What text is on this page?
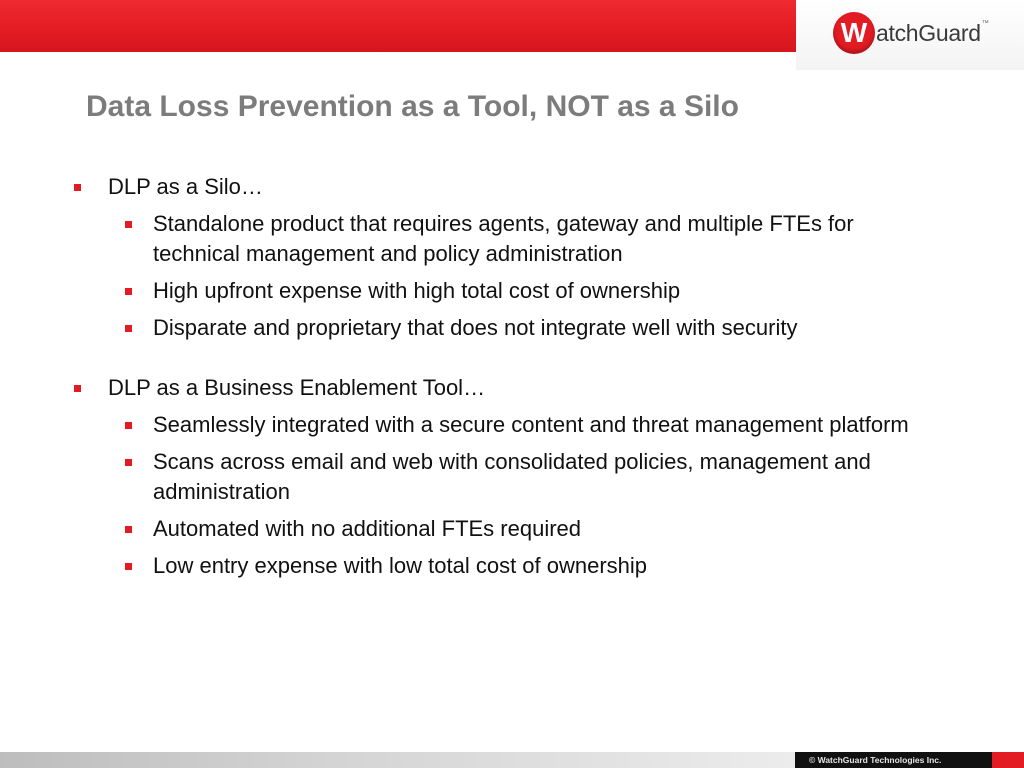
W atchGuard ™
Data Loss Prevention as a Tool, NOT as a Silo
DLP as a Silo…
Standalone product that requires agents, gateway and multiple FTEs for technical management and policy administration
High upfront expense with high total cost of ownership
Disparate and proprietary that does not integrate well with security
DLP as a Business Enablement Tool…
Seamlessly integrated with a secure content and threat management platform
Scans across email and web with consolidated policies, management and administration
Automated with no additional FTEs required
Low entry expense with low total cost of ownership
© WatchGuard Technologies Inc.
